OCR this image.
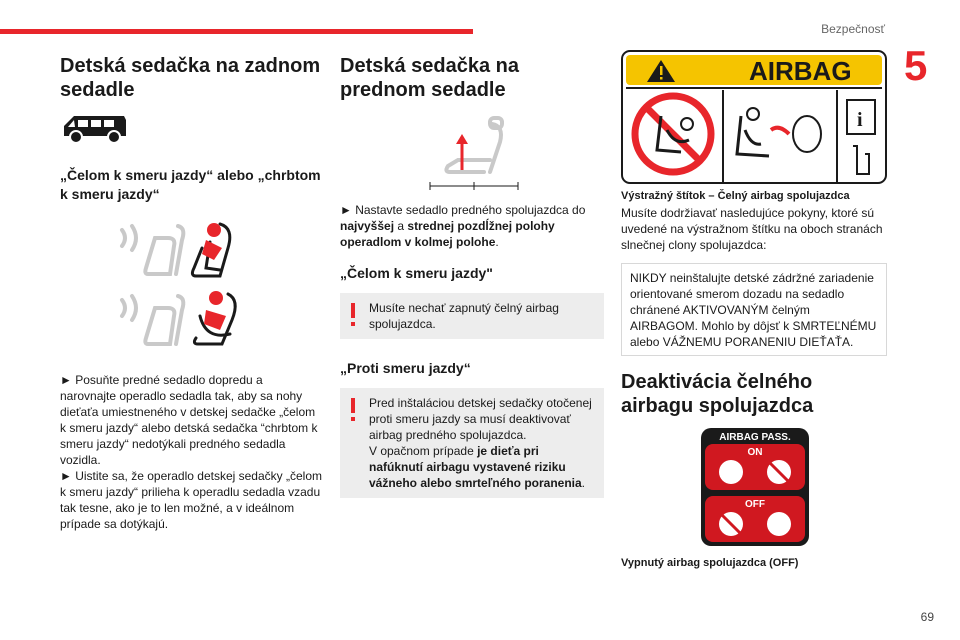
Bezpečnosť
5
69
Detská sedačka na zadnom sedadle
„Čelom k smeru jazdy“ alebo „chrbtom k smeru jazdy“

► Posuňte predné sedadlo dopredu a narovnajte operadlo sedadla tak, aby sa nohy dieťaťa umiestneného v detskej sedačke „čelom k smeru jazdy“ alebo detská sedačka “chrbtom k smeru jazdy“ nedotýkali predného sedadla vozidla.

► Uistite sa, že operadlo detskej sedačky „čelom k smeru jazdy“ prilieha k operadlu sedadla vzadu tak tesne, ako je to len možné, a v ideálnom prípade sa dotýkajú.

Detská sedačka na prednom sedadle

► Nastavte sedadlo predného spolujazdca do najvyššej a strednej pozdĺžnej polohy operadlom v kolmej polohe.

„Čelom k smeru jazdy"
Musíte nechať zapnutý čelný airbag spolujazdca.
„Proti smeru jazdy“
Pred inštaláciou detskej sedačky otočenej proti smeru jazdy sa musí deaktivovať airbag predného spolujazdca.
V opačnom prípade je dieťa pri nafúknutí airbagu vystavené riziku vážneho alebo smrteľného poranenia.
AIRBAG
i
Výstražný štítok – Čelný airbag spolujazdca

Musíte dodržiavať nasledujúce pokyny, ktoré sú uvedené na výstražnom štítku na oboch stranách slnečnej clony spolujazdca:

NIKDY neinštalujte detské zádržné zariadenie orientované smerom dozadu na sedadlo chránené AKTIVOVANÝM čelným AIRBAGOM. Mohlo by dôjsť k SMRTEĽNÉMU alebo VÁŽNEMU PORANENIU DIEŤAŤA.
Deaktivácia čelného airbagu spolujazdca
AIRBAG PASS.
ON
OFF
Vypnutý airbag spolujazdca (OFF)
